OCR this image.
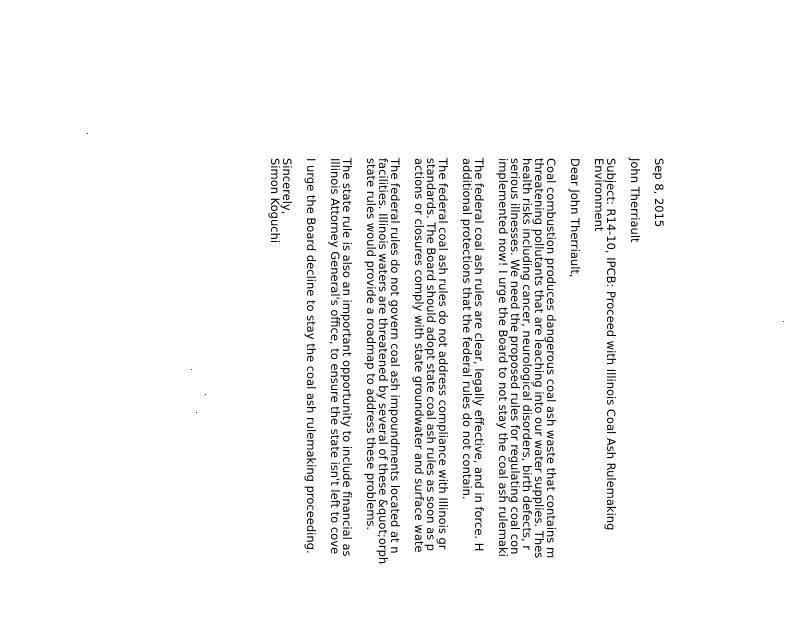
Sep 8, 2015
John Therriault
Subject: R14-10, IPCB: Proceed with Illinois Coal Ash Rulemaking
Environment
Dear John Therriault,
Coal combustion produces dangerous coal ash waste that contains m
threatening pollutants that are leaching into our water supplies. Thes
health risks including cancer, neurological disorders, birth defects, r
serious illnesses. We need the proposed rules for regulating coal con
implemented now! I urge the Board to not stay the coal ash rulemaki
The federal coal ash rules are clear, legally effective, and in force. H
additional protections that the federal rules do not contain.
The federal coal ash rules do not address compliance with Illinois gr
standards. The Board should adopt state coal ash rules as soon as p
actions or closures comply with state groundwater and surface wate
The federal rules do not govern coal ash impoundments located at n
facilities. Illinois waters are threatened by several of these &quot;orph
state rules would provide a roadmap to address these problems.
The state rule is also an important opportunity to include financial as
Illinois Attorney General's office, to ensure the state isn't left to cove
I urge the Board decline to stay the coal ash rulemaking proceeding.
Sincerely,
Simon Koguchi
